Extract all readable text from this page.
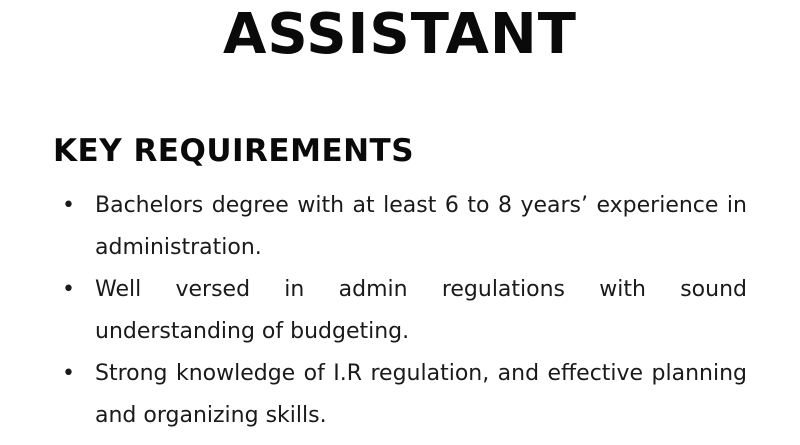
ASSISTANT
KEY REQUIREMENTS
• Bachelors degree with at least 6 to 8 years’ experience in administration.
• Well versed in admin regulations with sound understanding of budgeting.
• Strong knowledge of I.R regulation, and effective planning and organizing skills.
